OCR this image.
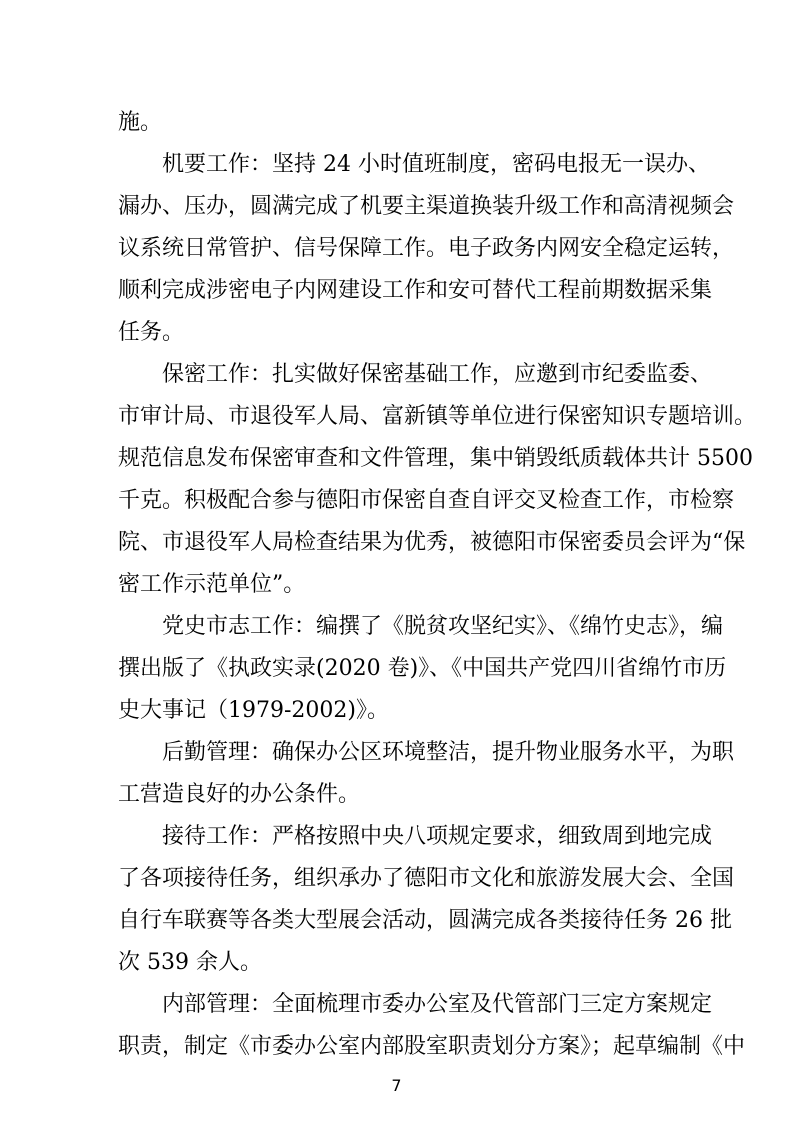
施。
机要工作：坚持 24 小时值班制度，密码电报无一误办、
漏办、压办，圆满完成了机要主渠道换装升级工作和高清视频会
议系统日常管护、信号保障工作。电子政务内网安全稳定运转，
顺利完成涉密电子内网建设工作和安可替代工程前期数据采集
任务。
保密工作：扎实做好保密基础工作，应邀到市纪委监委、
市审计局、市退役军人局、富新镇等单位进行保密知识专题培训。
规范信息发布保密审查和文件管理，集中销毁纸质载体共计 5500
千克。积极配合参与德阳市保密自查自评交叉检查工作，市检察
院、市退役军人局检查结果为优秀，被德阳市保密委员会评为“保
密工作示范单位”。
党史市志工作：编撰了《脱贫攻坚纪实》、《绵竹史志》，编
撰出版了《执政实录(2020 卷)》、《中国共产党四川省绵竹市历
史大事记（1979-2002)》。
后勤管理：确保办公区环境整洁，提升物业服务水平，为职
工营造良好的办公条件。
接待工作：严格按照中央八项规定要求，细致周到地完成
了各项接待任务，组织承办了德阳市文化和旅游发展大会、全国
自行车联赛等各类大型展会活动，圆满完成各类接待任务 26 批
次 539 余人。
内部管理：全面梳理市委办公室及代管部门三定方案规定
职责，制定《市委办公室内部股室职责划分方案》；起草编制《中
7
